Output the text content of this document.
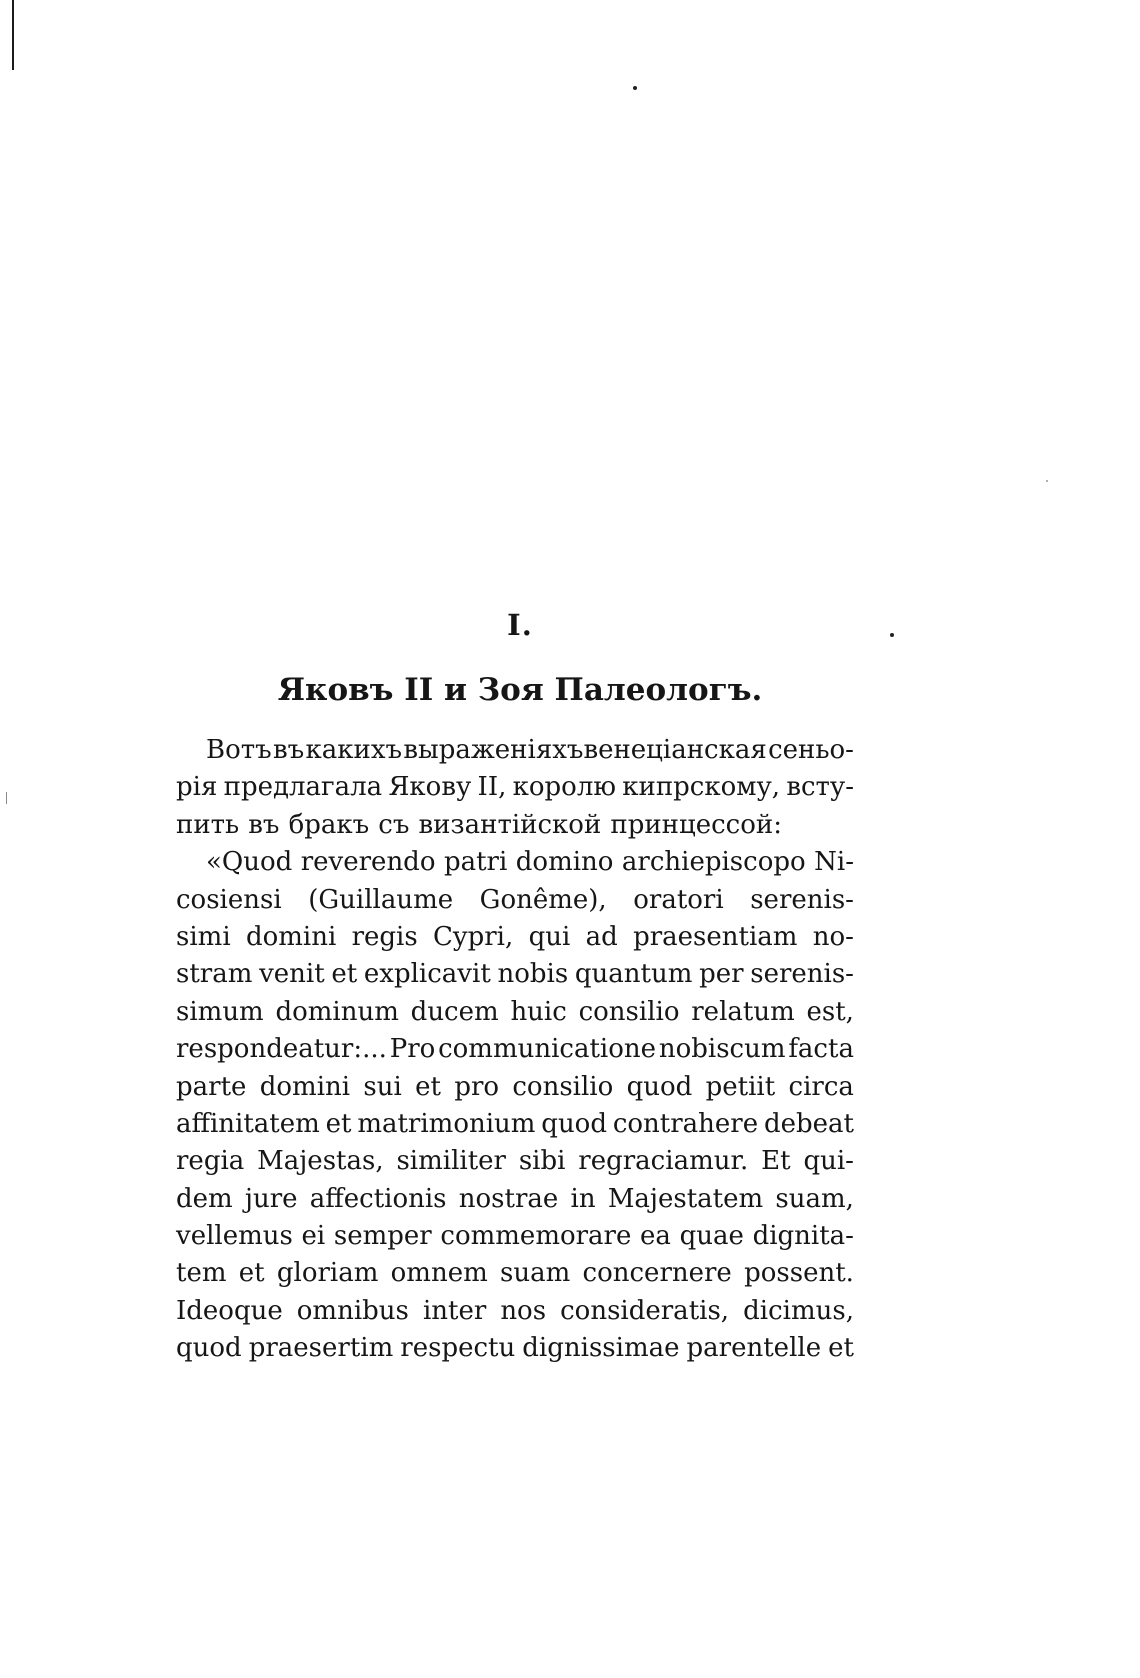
I.
Яковъ II и Зоя Палеологъ.
Вотъ въ какихъ выраженіяхъвенеціанская сеньо-
рія предлагала Якову II, королю кипрскому, всту-
пить въ бракъ съ византійской принцессой:
«Quod reverendo patri domino archiepiscopo Ni-
cosiensi (Guillaume Gonême), oratori serenis-
simi domini regis Cypri, qui ad praesentiam no-
stram venit et explicavit nobis quantum per serenis-
simum dominum ducem huic consilio relatum est,
respondeatur:... Pro communicatione nobiscum facta
parte domini sui et pro consilio quod petiit circa
affinitatem et matrimonium quod contrahere debeat
regia Majestas, similiter sibi regraciamur. Et qui-
dem jure affectionis nostrae in Majestatem suam,
vellemus ei semper commemorare ea quae dignita-
tem et gloriam omnem suam concernere possent.
Ideoque omnibus inter nos consideratis, dicimus,
quod praesertim respectu dignissimae parentelle et
